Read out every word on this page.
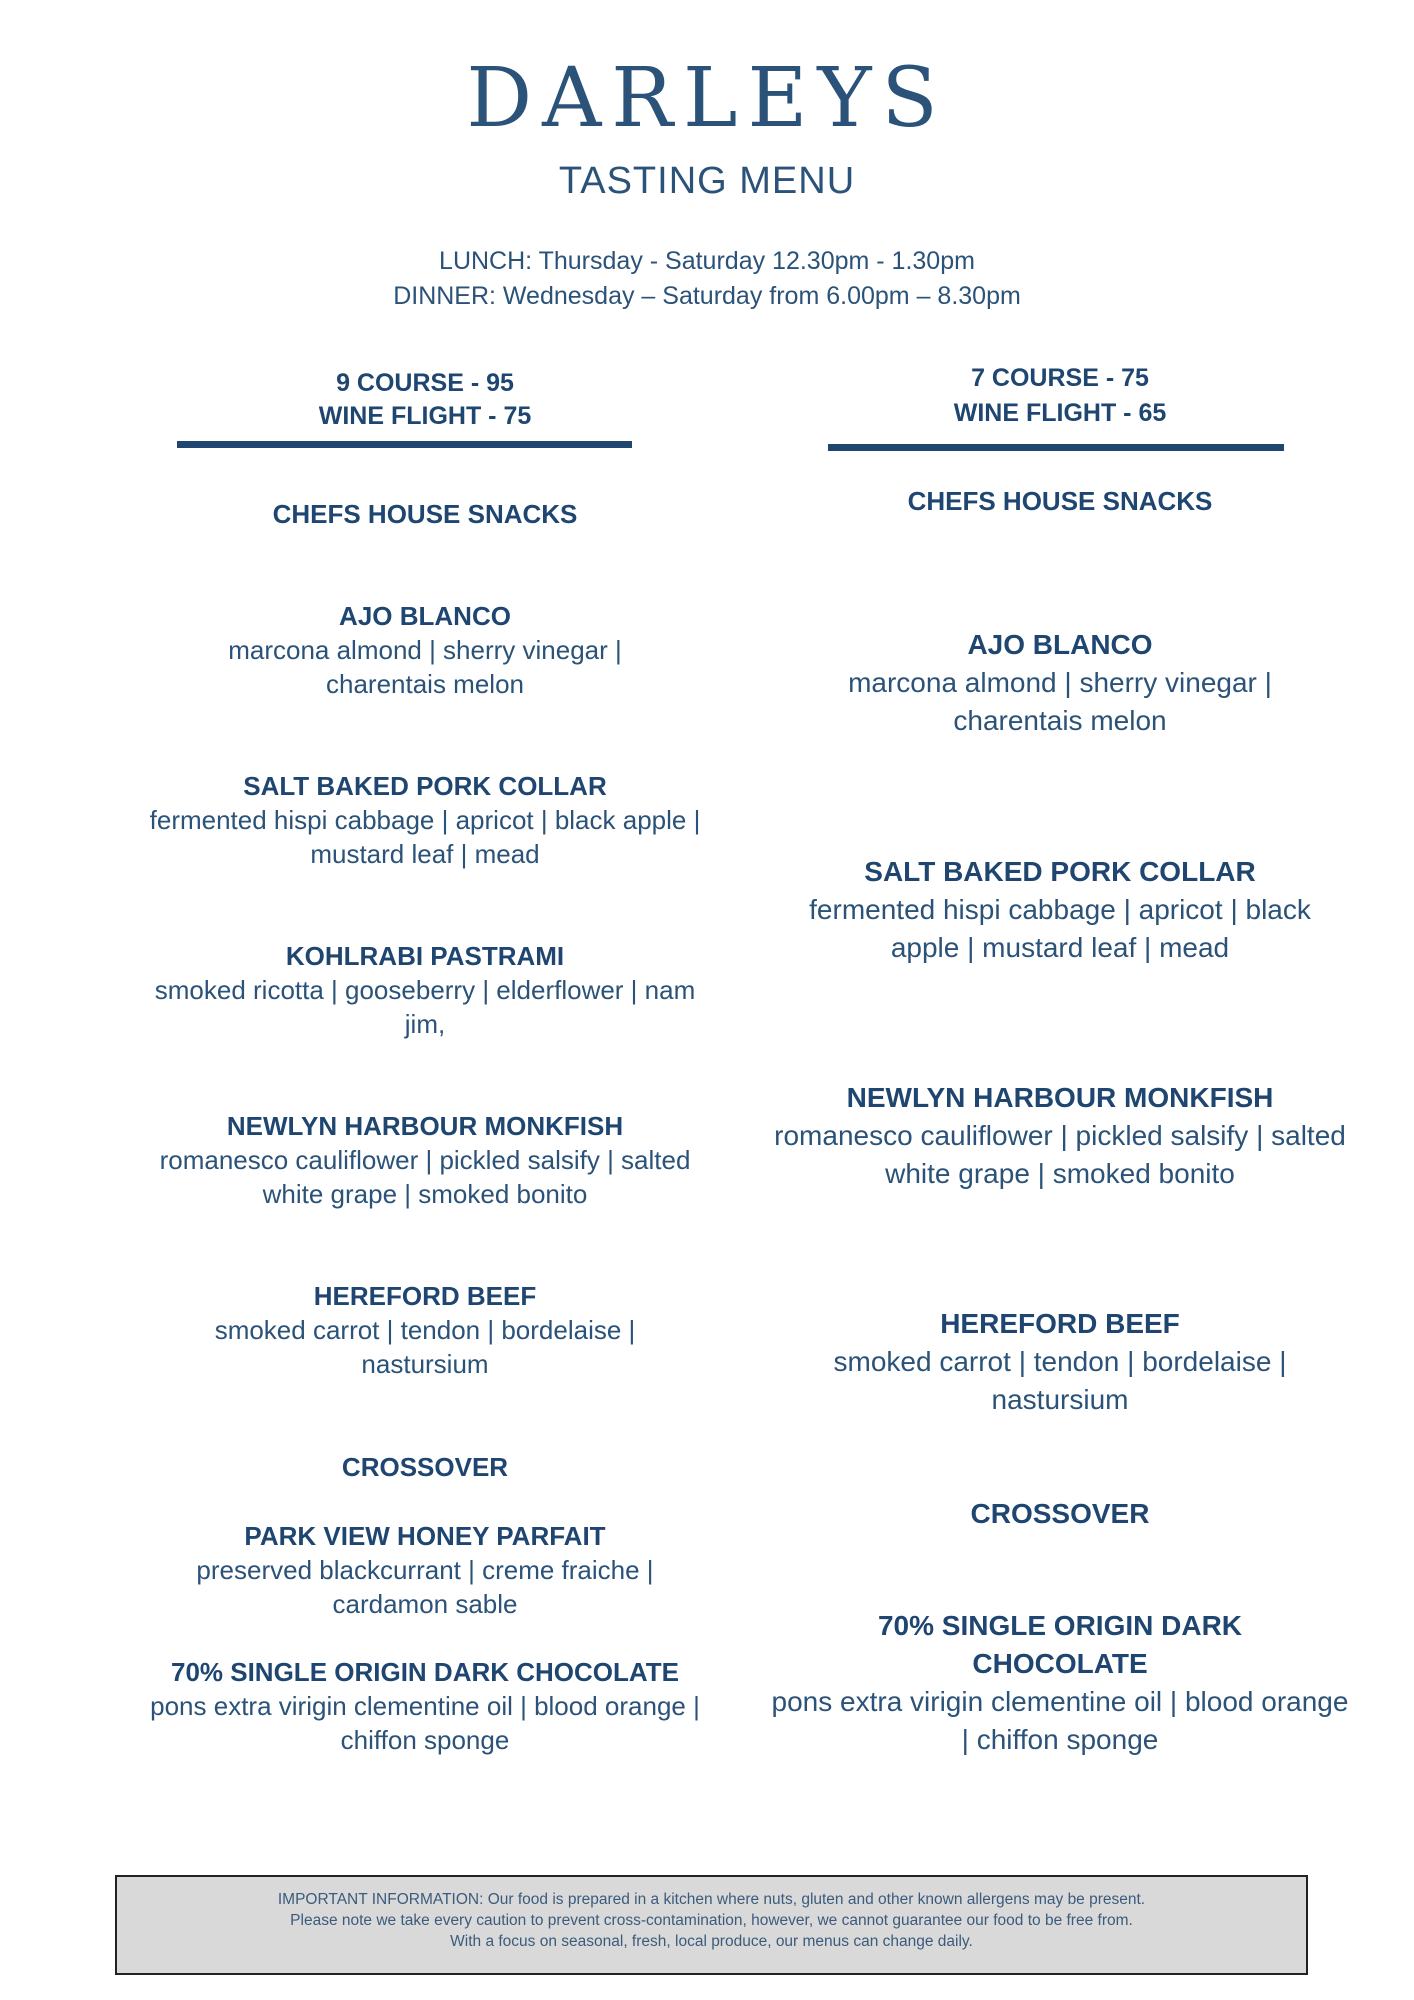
DARLEYS
TASTING MENU
LUNCH: Thursday - Saturday 12.30pm - 1.30pm
DINNER: Wednesday – Saturday from 6.00pm – 8.30pm
9 COURSE - 95
WINE FLIGHT - 75
CHEFS HOUSE SNACKS
AJO BLANCO
marcona almond | sherry vinegar | charentais melon
SALT BAKED PORK COLLAR
fermented hispi cabbage | apricot | black apple | mustard leaf | mead
KOHLRABI PASTRAMI
smoked ricotta | gooseberry | elderflower | nam jim,
NEWLYN HARBOUR MONKFISH
romanesco cauliflower | pickled salsify | salted white grape | smoked bonito
HEREFORD BEEF
smoked carrot | tendon | bordelaise | nastursium
CROSSOVER
PARK VIEW HONEY PARFAIT
preserved blackcurrant | creme fraiche | cardamon sable
70% SINGLE ORIGIN DARK CHOCOLATE
pons extra virigin clementine oil | blood orange | chiffon sponge
7 COURSE - 75
WINE FLIGHT - 65
CHEFS HOUSE SNACKS
AJO BLANCO
marcona almond | sherry vinegar | charentais melon
SALT BAKED PORK COLLAR
fermented hispi cabbage | apricot | black apple | mustard leaf | mead
NEWLYN HARBOUR MONKFISH
romanesco cauliflower | pickled salsify | salted white grape | smoked bonito
HEREFORD BEEF
smoked carrot | tendon | bordelaise | nastursium
CROSSOVER
70% SINGLE ORIGIN DARK CHOCOLATE
pons extra virigin clementine oil | blood orange | chiffon sponge
IMPORTANT INFORMATION: Our food is prepared in a kitchen where nuts, gluten and other known allergens may be present.
Please note we take every caution to prevent cross-contamination, however, we cannot guarantee our food to be free from.
With a focus on seasonal, fresh, local produce, our menus can change daily.
